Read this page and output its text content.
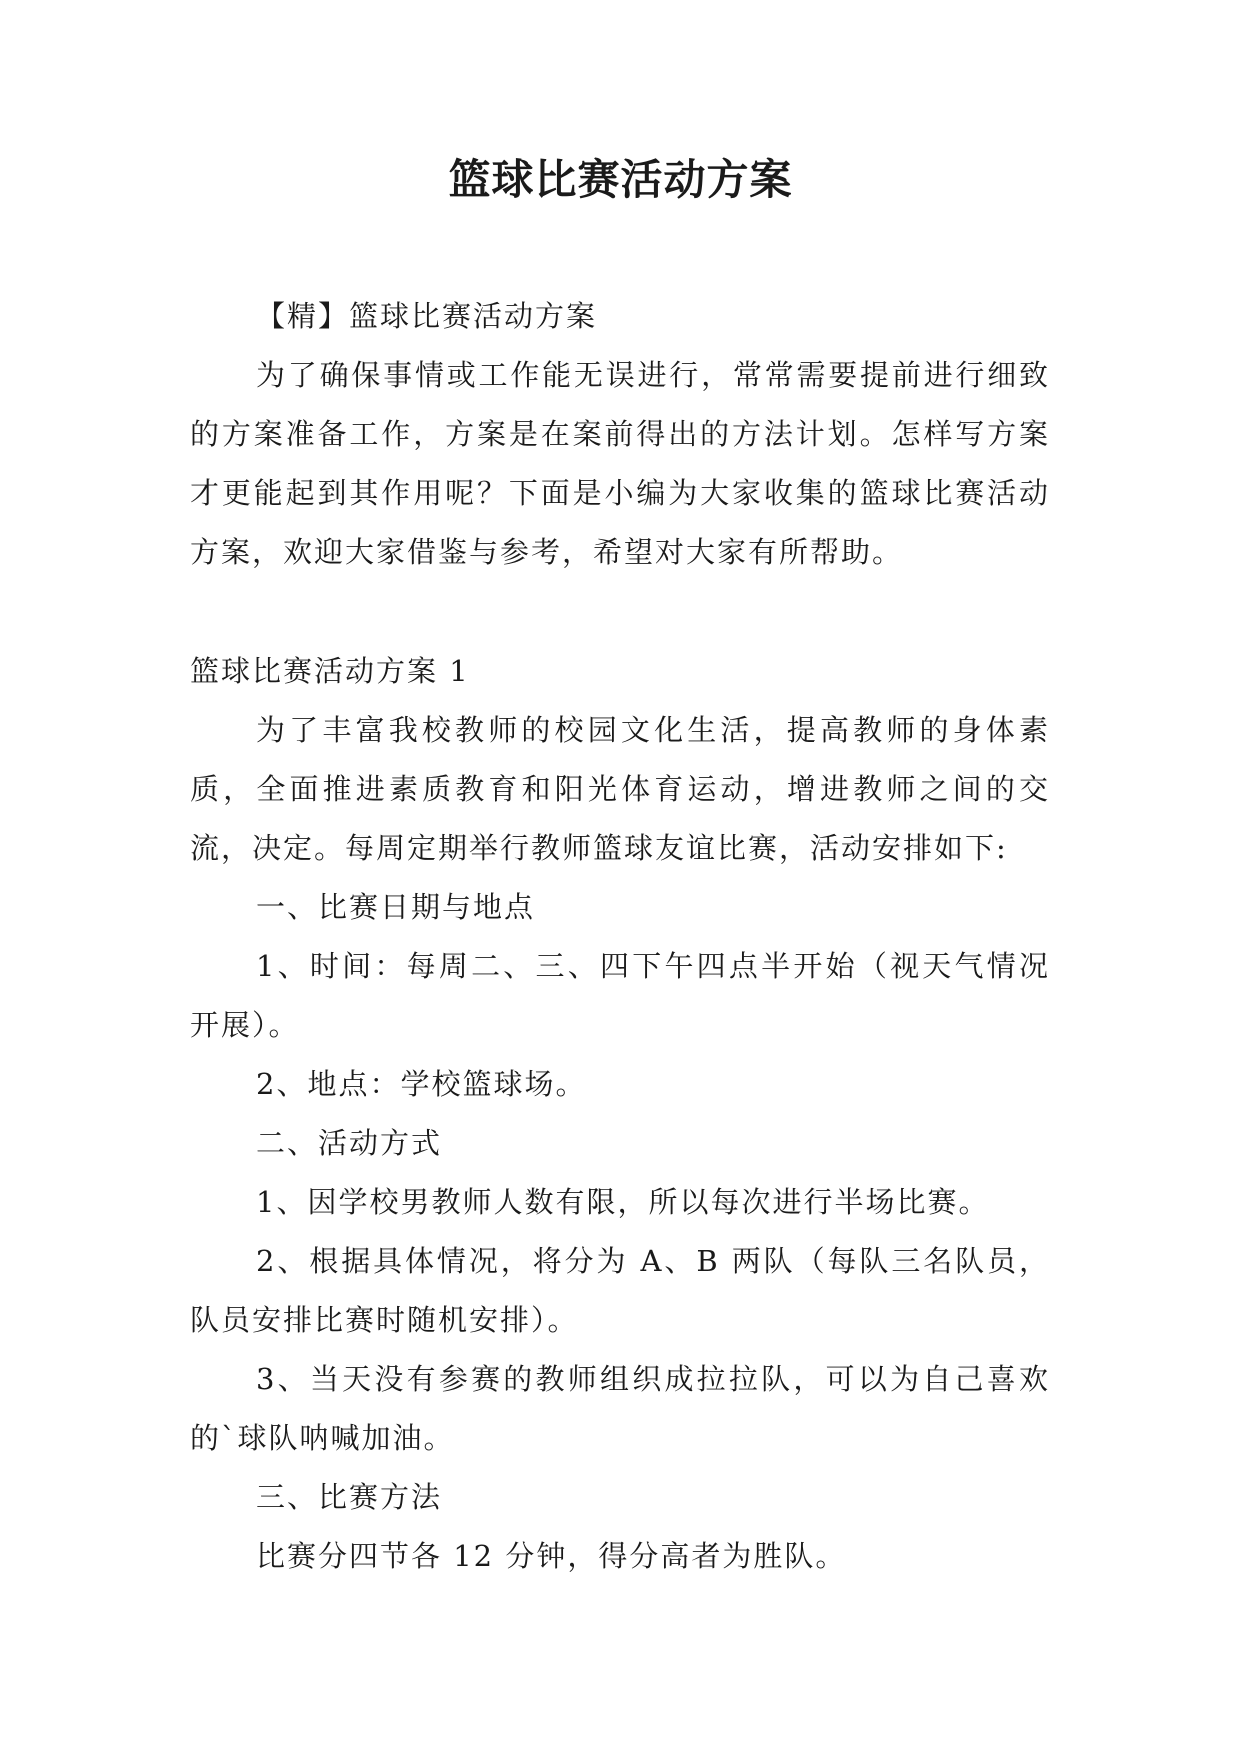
篮球比赛活动方案

【精】篮球比赛活动方案

为了确保事情或工作能无误进行，常常需要提前进行细致的方案准备工作，方案是在案前得出的方法计划。怎样写方案才更能起到其作用呢？下面是小编为大家收集的篮球比赛活动方案，欢迎大家借鉴与参考，希望对大家有所帮助。

篮球比赛活动方案 1

为了丰富我校教师的校园文化生活，提高教师的身体素质，全面推进素质教育和阳光体育运动，增进教师之间的交流，决定。每周定期举行教师篮球友谊比赛，活动安排如下:

一、比赛日期与地点

1、时间：每周二、三、四下午四点半开始（视天气情况开展）。

2、地点：学校篮球场。

二、活动方式

1、因学校男教师人数有限，所以每次进行半场比赛。

2、根据具体情况，将分为 A、B 两队（每队三名队员，队员安排比赛时随机安排）。

3、当天没有参赛的教师组织成拉拉队，可以为自己喜欢的`球队呐喊加油。

三、比赛方法

比赛分四节各 12 分钟，得分高者为胜队。
